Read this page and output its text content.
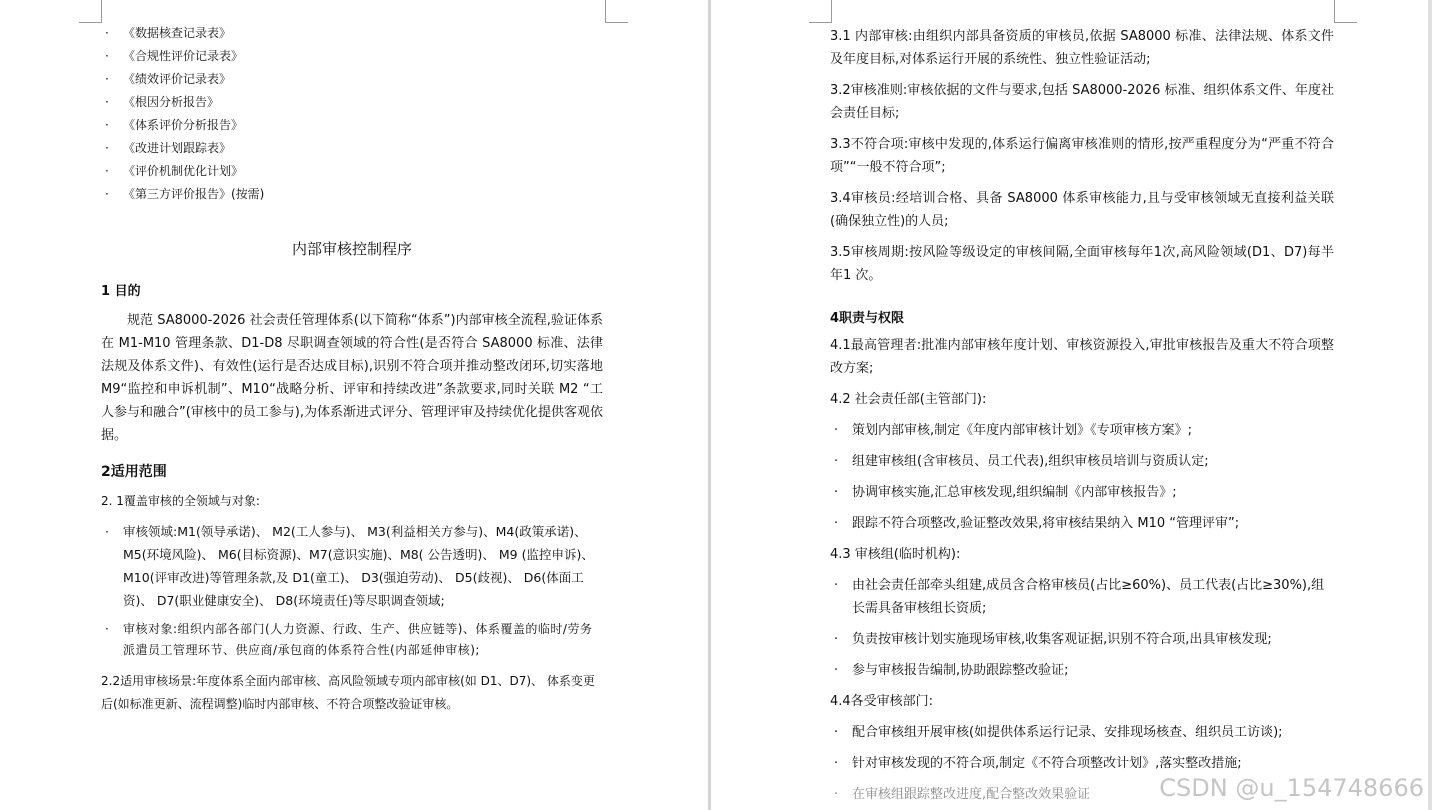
· 《数据核查记录表》
· 《合规性评价记录表》
· 《绩效评价记录表》
· 《根因分析报告》
· 《体系评价分析报告》
· 《改进计划跟踪表》
· 《评价机制优化计划》
· 《第三方评价报告》(按需)
内部审核控制程序

1 目的

规范 SA8000-2026 社会责任管理体系(以下简称“体系”)内部审核全流程,验证体系在 M1-M10 管理条款、D1-D8 尽职调查领域的符合性(是否符合 SA8000 标准、法律法规及体系文件)、有效性(运行是否达成目标),识别不符合项并推动整改闭环,切实落地 M9“监控和申诉机制”、M10“战略分析、评审和持续改进”条款要求,同时关联 M2 “工人参与和融合”(审核中的员工参与),为体系渐进式评分、管理评审及持续优化提供客观依据。

2适用范围

2. 1覆盖审核的全领域与对象:

· 审核领域:M1(领导承诺)、 M2(工人参与)、 M3(利益相关方参与)、M4(政策承诺)、M5(环境风险)、 M6(目标资源)、M7(意识实施)、M8( 公告透明)、 M9 (监控申诉)、M10(评审改进)等管理条款,及 D1(童工)、 D3(强迫劳动)、 D5(歧视)、 D6(体面工资)、 D7(职业健康安全)、 D8(环境责任)等尽职调查领域;
· 审核对象:组织内部各部门(人力资源、行政、生产、供应链等)、体系覆盖的临时/劳务派遣员工管理环节、供应商/承包商的体系符合性(内部延伸审核);

2.2适用审核场景:年度体系全面内部审核、高风险领域专项内部审核(如 D1、D7)、 体系变更后(如标准更新、流程调整)临时内部审核、不符合项整改验证审核。

3.1 内部审核:由组织内部具备资质的审核员,依据 SA8000 标准、法律法规、体系文件及年度目标,对体系运行开展的系统性、独立性验证活动;

3.2审核准则:审核依据的文件与要求,包括 SA8000-2026 标准、组织体系文件、年度社会责任目标;

3.3不符合项:审核中发现的,体系运行偏离审核准则的情形,按严重程度分为“严重不符合项”“一般不符合项”;

3.4审核员:经培训合格、具备 SA8000 体系审核能力,且与受审核领域无直接利益关联(确保独立性)的人员;

3.5审核周期:按风险等级设定的审核间隔,全面审核每年1次,高风险领域(D1、D7)每半年1 次。

4职责与权限

4.1最高管理者:批准内部审核年度计划、审核资源投入,审批审核报告及重大不符合项整改方案;

4.2 社会责任部(主管部门):

· 策划内部审核,制定《年度内部审核计划》《专项审核方案》;
· 组建审核组(含审核员、员工代表),组织审核员培训与资质认定;
· 协调审核实施,汇总审核发现,组织编制《内部审核报告》;
· 跟踪不符合项整改,验证整改效果,将审核结果纳入 M10 “管理评审”;

4.3 审核组(临时机构):

· 由社会责任部牵头组建,成员含合格审核员(占比≥60%)、员工代表(占比≥30%),组长需具备审核组长资质;
· 负责按审核计划实施现场审核,收集客观证据,识别不符合项,出具审核发现;
· 参与审核报告编制,协助跟踪整改验证;

4.4各受审核部门:

· 配合审核组开展审核(如提供体系运行记录、安排现场核查、组织员工访谈);
· 针对审核发现的不符合项,制定《不符合项整改计划》,落实整改措施;
· 在审核组跟踪整改进度,配合整改效果验证	CSDN @u_154748666
